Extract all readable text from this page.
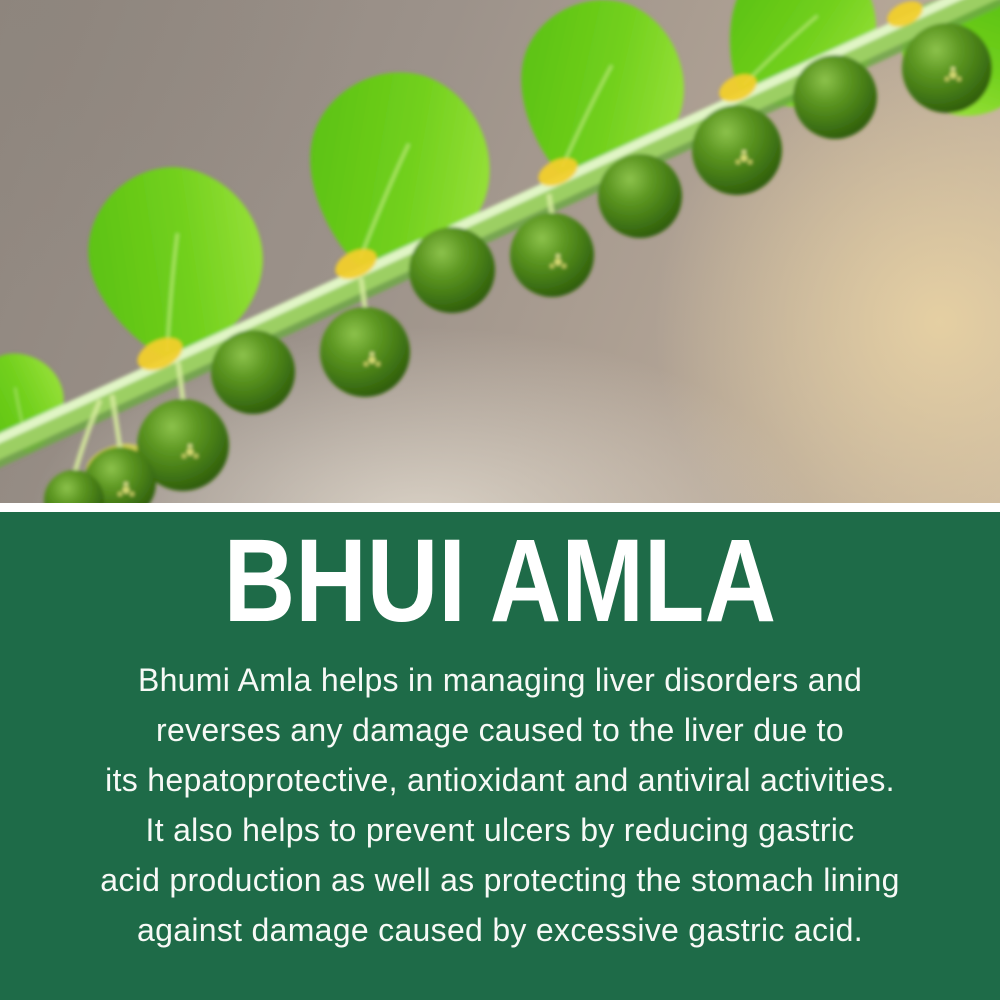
BHUI AMLA

Bhumi Amla helps in managing liver disorders and

reverses any damage caused to the liver due to

its hepatoprotective, antioxidant and antiviral activities.

It also helps to prevent ulcers by reducing gastric

acid production as well as protecting the stomach lining

against damage caused by excessive gastric acid.
